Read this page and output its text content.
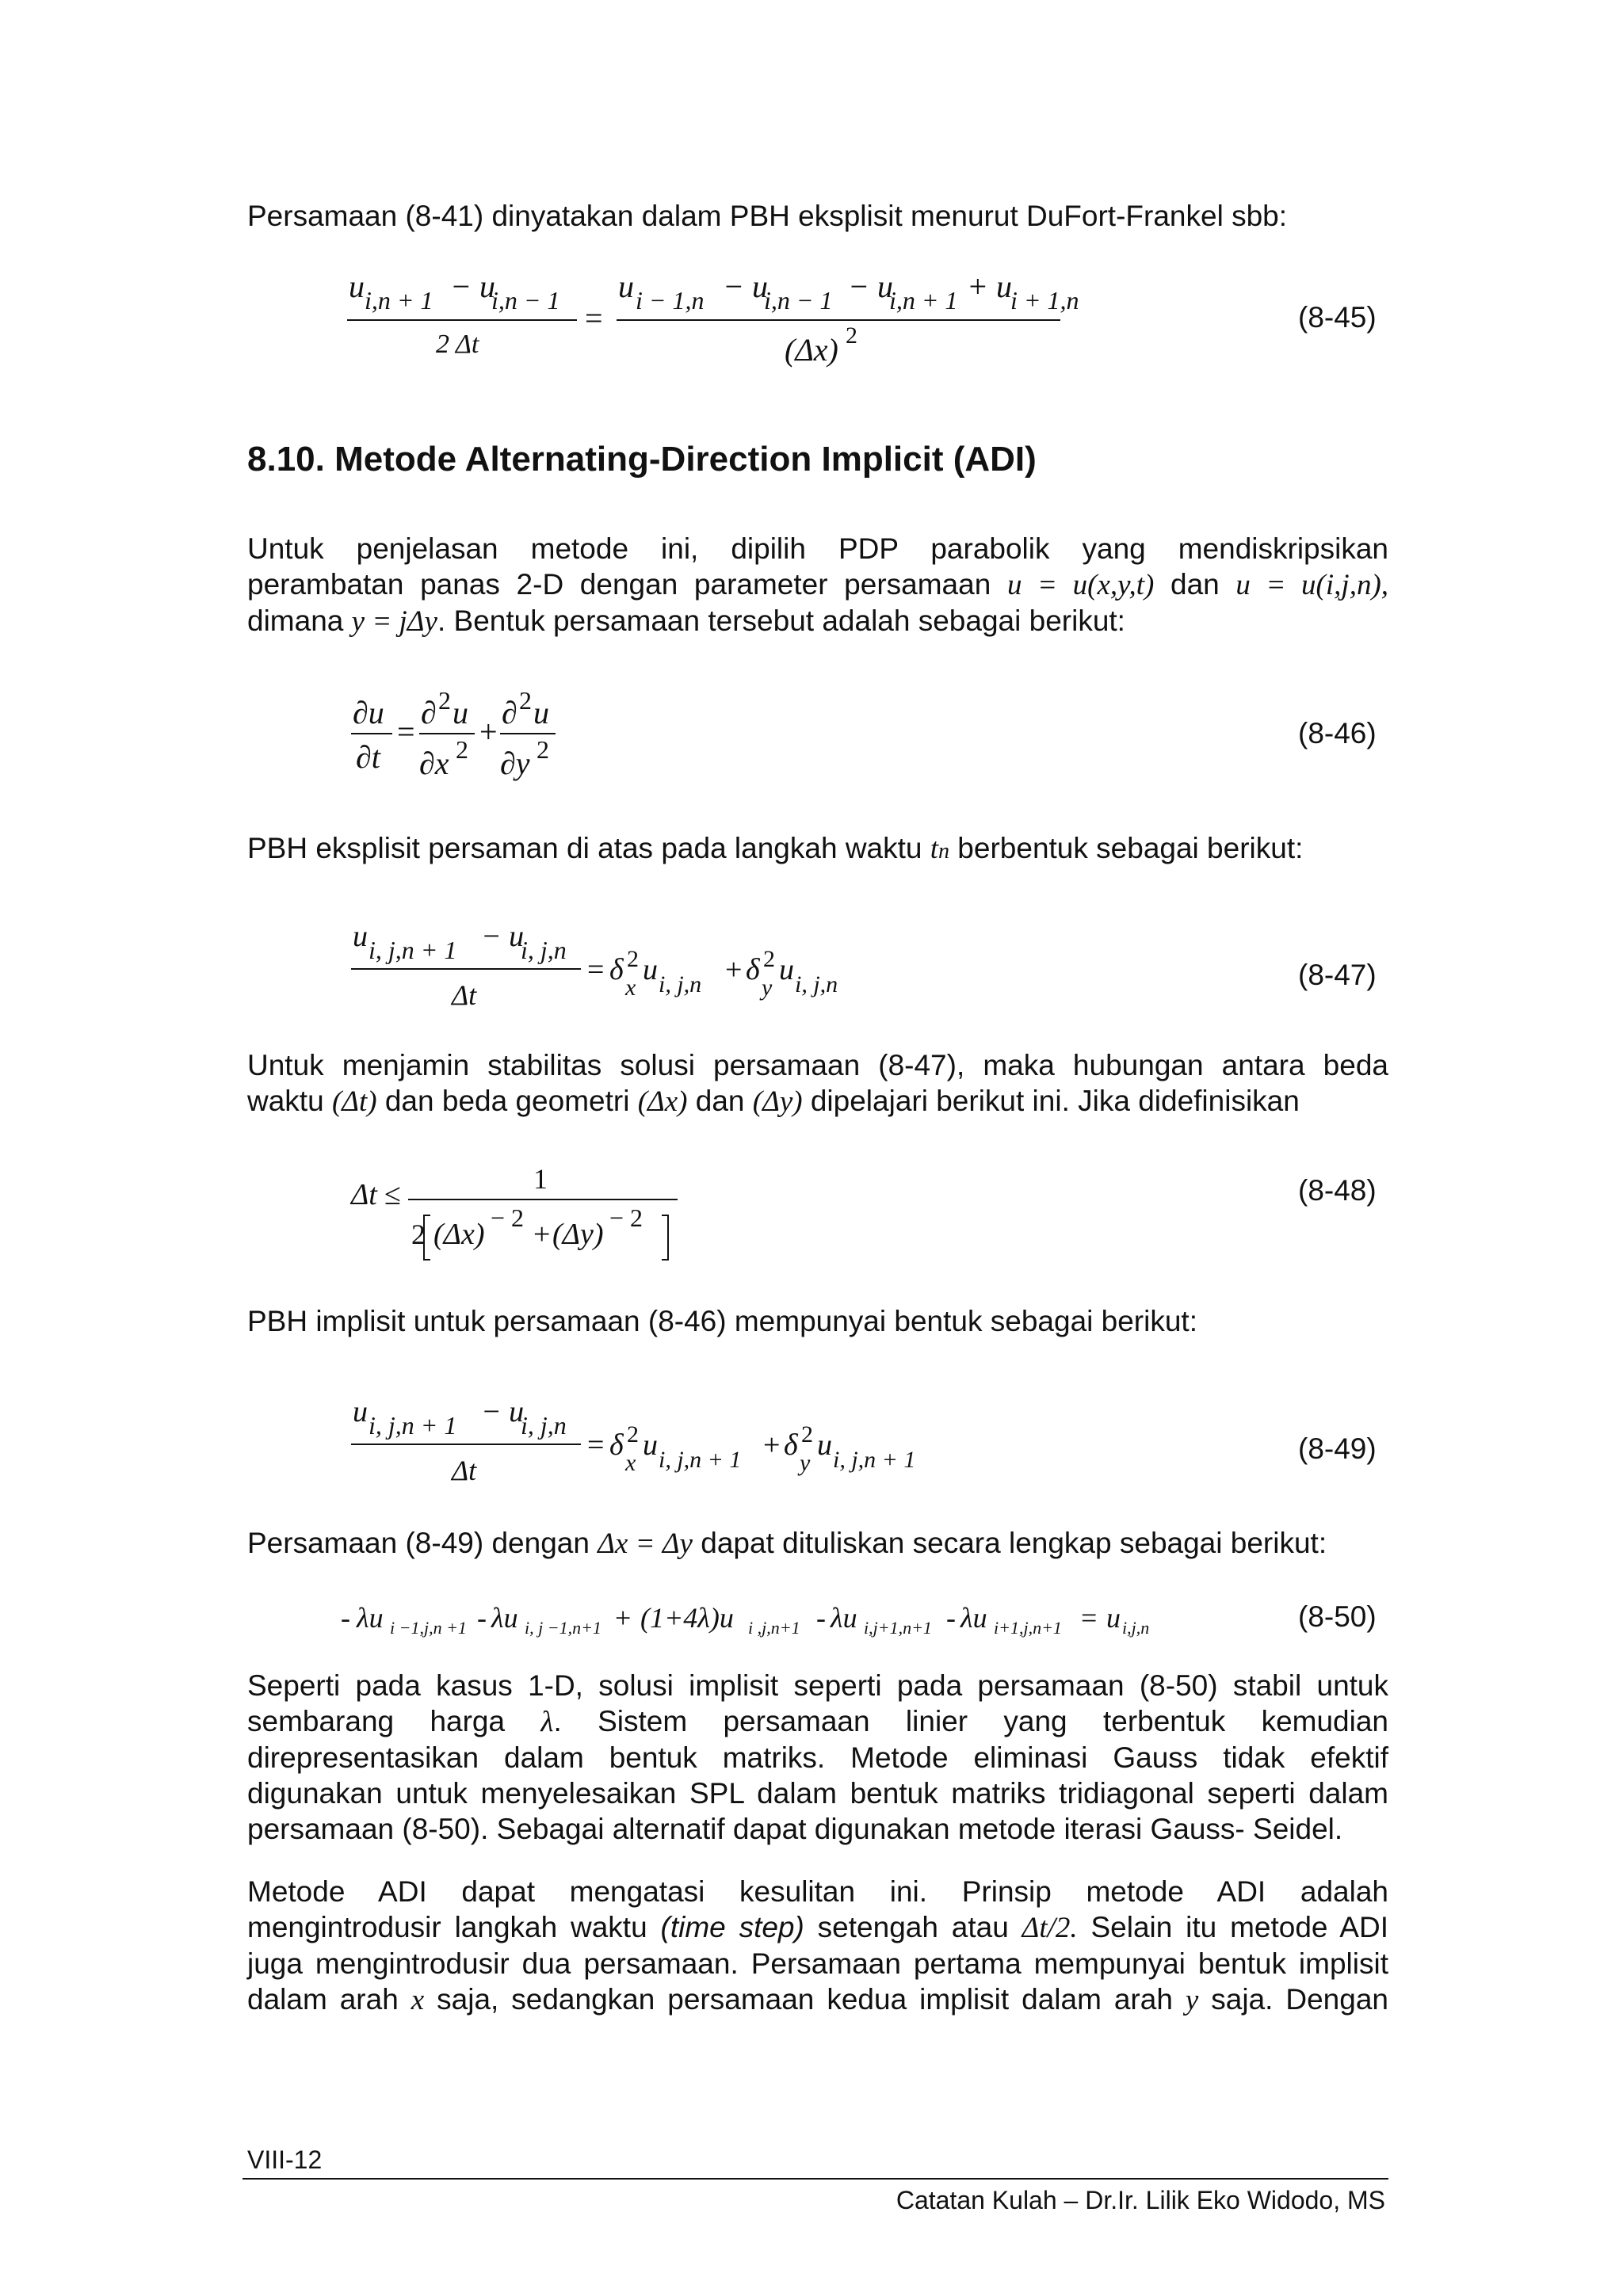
Persamaan (8-41) dinyatakan dalam PBH eksplisit menurut DuFort-Frankel sbb:
u i,n + 1 − u
i,n − 1
2 Δt
=
u i − 1,n − u
i,n − 1 − u
i,n + 1 + u
i + 1,n
(Δx) 2
(8-45)
8.10. Metode Alternating-Direction Implicit (ADI)
Untuk penjelasan metode ini, dipilih PDP parabolik yang mendiskripsikan
perambatan panas 2-D dengan parameter persamaan u = u(x,y,t) dan u = u(i,j,n),
dimana y = jΔy. Bentuk persamaan tersebut adalah sebagai berikut:
∂u
∂t
=
∂ 2 u
∂x 2 +
∂ 2 u
∂y 2	(8-46)
PBH eksplisit persaman di atas pada langkah waktu tn berbentuk sebagai berikut:
u i, j,n + 1 − u
i, j,n
Δt
= δ 2
x
u i, j,n + δ 2
y
u i, j,n	(8-47)
Untuk menjamin stabilitas solusi persamaan (8-47), maka hubungan antara beda
waktu (Δt) dan beda geometri (Δx) dan (Δy) dipelajari berikut ini. Jika didefinisikan
Δt ≤	1
2 (Δx) − 2 + (Δy) − 2
(8-48)
PBH implisit untuk persamaan (8-46) mempunyai bentuk sebagai berikut:
u i, j,n + 1 − u
i, j,n
Δt
= δ 2
x
u i, j,n + 1 + δ 2
y
u i, j,n + 1	(8-49)
Persamaan (8-49) dengan Δx = Δy dapat dituliskan secara lengkap sebagai berikut:
- λu i −1,j,n +1 - λu i, j −1,n+1 + (1+4λ)u i ,j,n+1 - λu i,j+1,n+1 - λu i+1,j,n+1 = u i,j,n	(8-50)
Seperti pada kasus 1-D, solusi implisit seperti pada persamaan (8-50) stabil untuk
sembarang harga λ. Sistem persamaan linier yang terbentuk kemudian
direpresentasikan dalam bentuk matriks. Metode eliminasi Gauss tidak efektif
digunakan untuk menyelesaikan SPL dalam bentuk matriks tridiagonal seperti dalam
persamaan (8-50). Sebagai alternatif dapat digunakan metode iterasi Gauss- Seidel.
Metode ADI dapat mengatasi kesulitan ini. Prinsip metode ADI adalah
mengintrodusir langkah waktu (time step) setengah atau Δt/2. Selain itu metode ADI
juga mengintrodusir dua persamaan. Persamaan pertama mempunyai bentuk implisit
dalam arah x saja, sedangkan persamaan kedua implisit dalam arah y saja. Dengan
VIII-12
Catatan Kulah – Dr.Ir. Lilik Eko Widodo, MS
